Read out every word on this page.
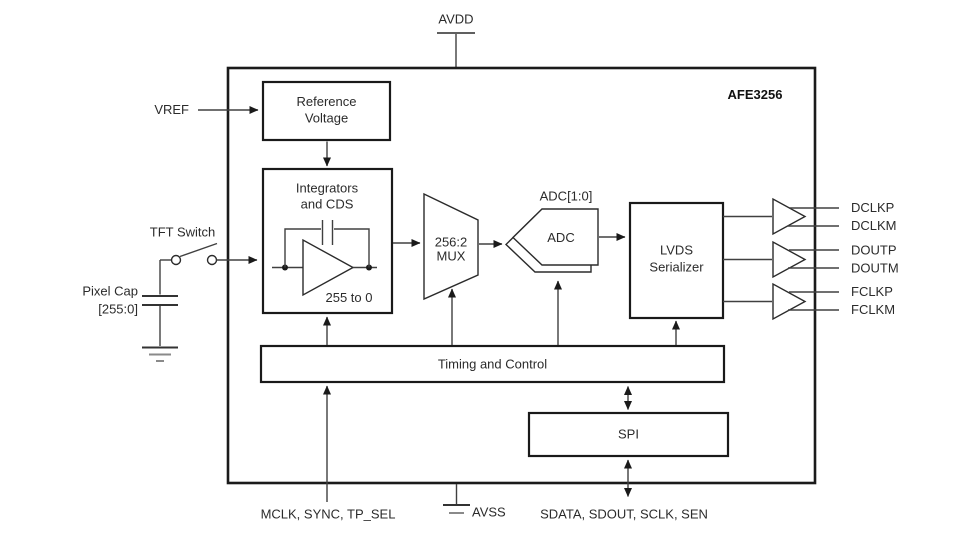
AVDD
AFE3256
VREF
Reference
Voltage
TFT Switch
Pixel Cap
[255:0]
Integrators
and CDS
255 to 0
256:2
MUX
ADC[1:0]
ADC
LVDS
Serializer
Timing and Control
SPI
DCLKP
DCLKM
DOUTP
DOUTM
FCLKP
FCLKM
AVSS
MCLK, SYNC, TP_SEL	SDATA, SDOUT, SCLK, SEN
